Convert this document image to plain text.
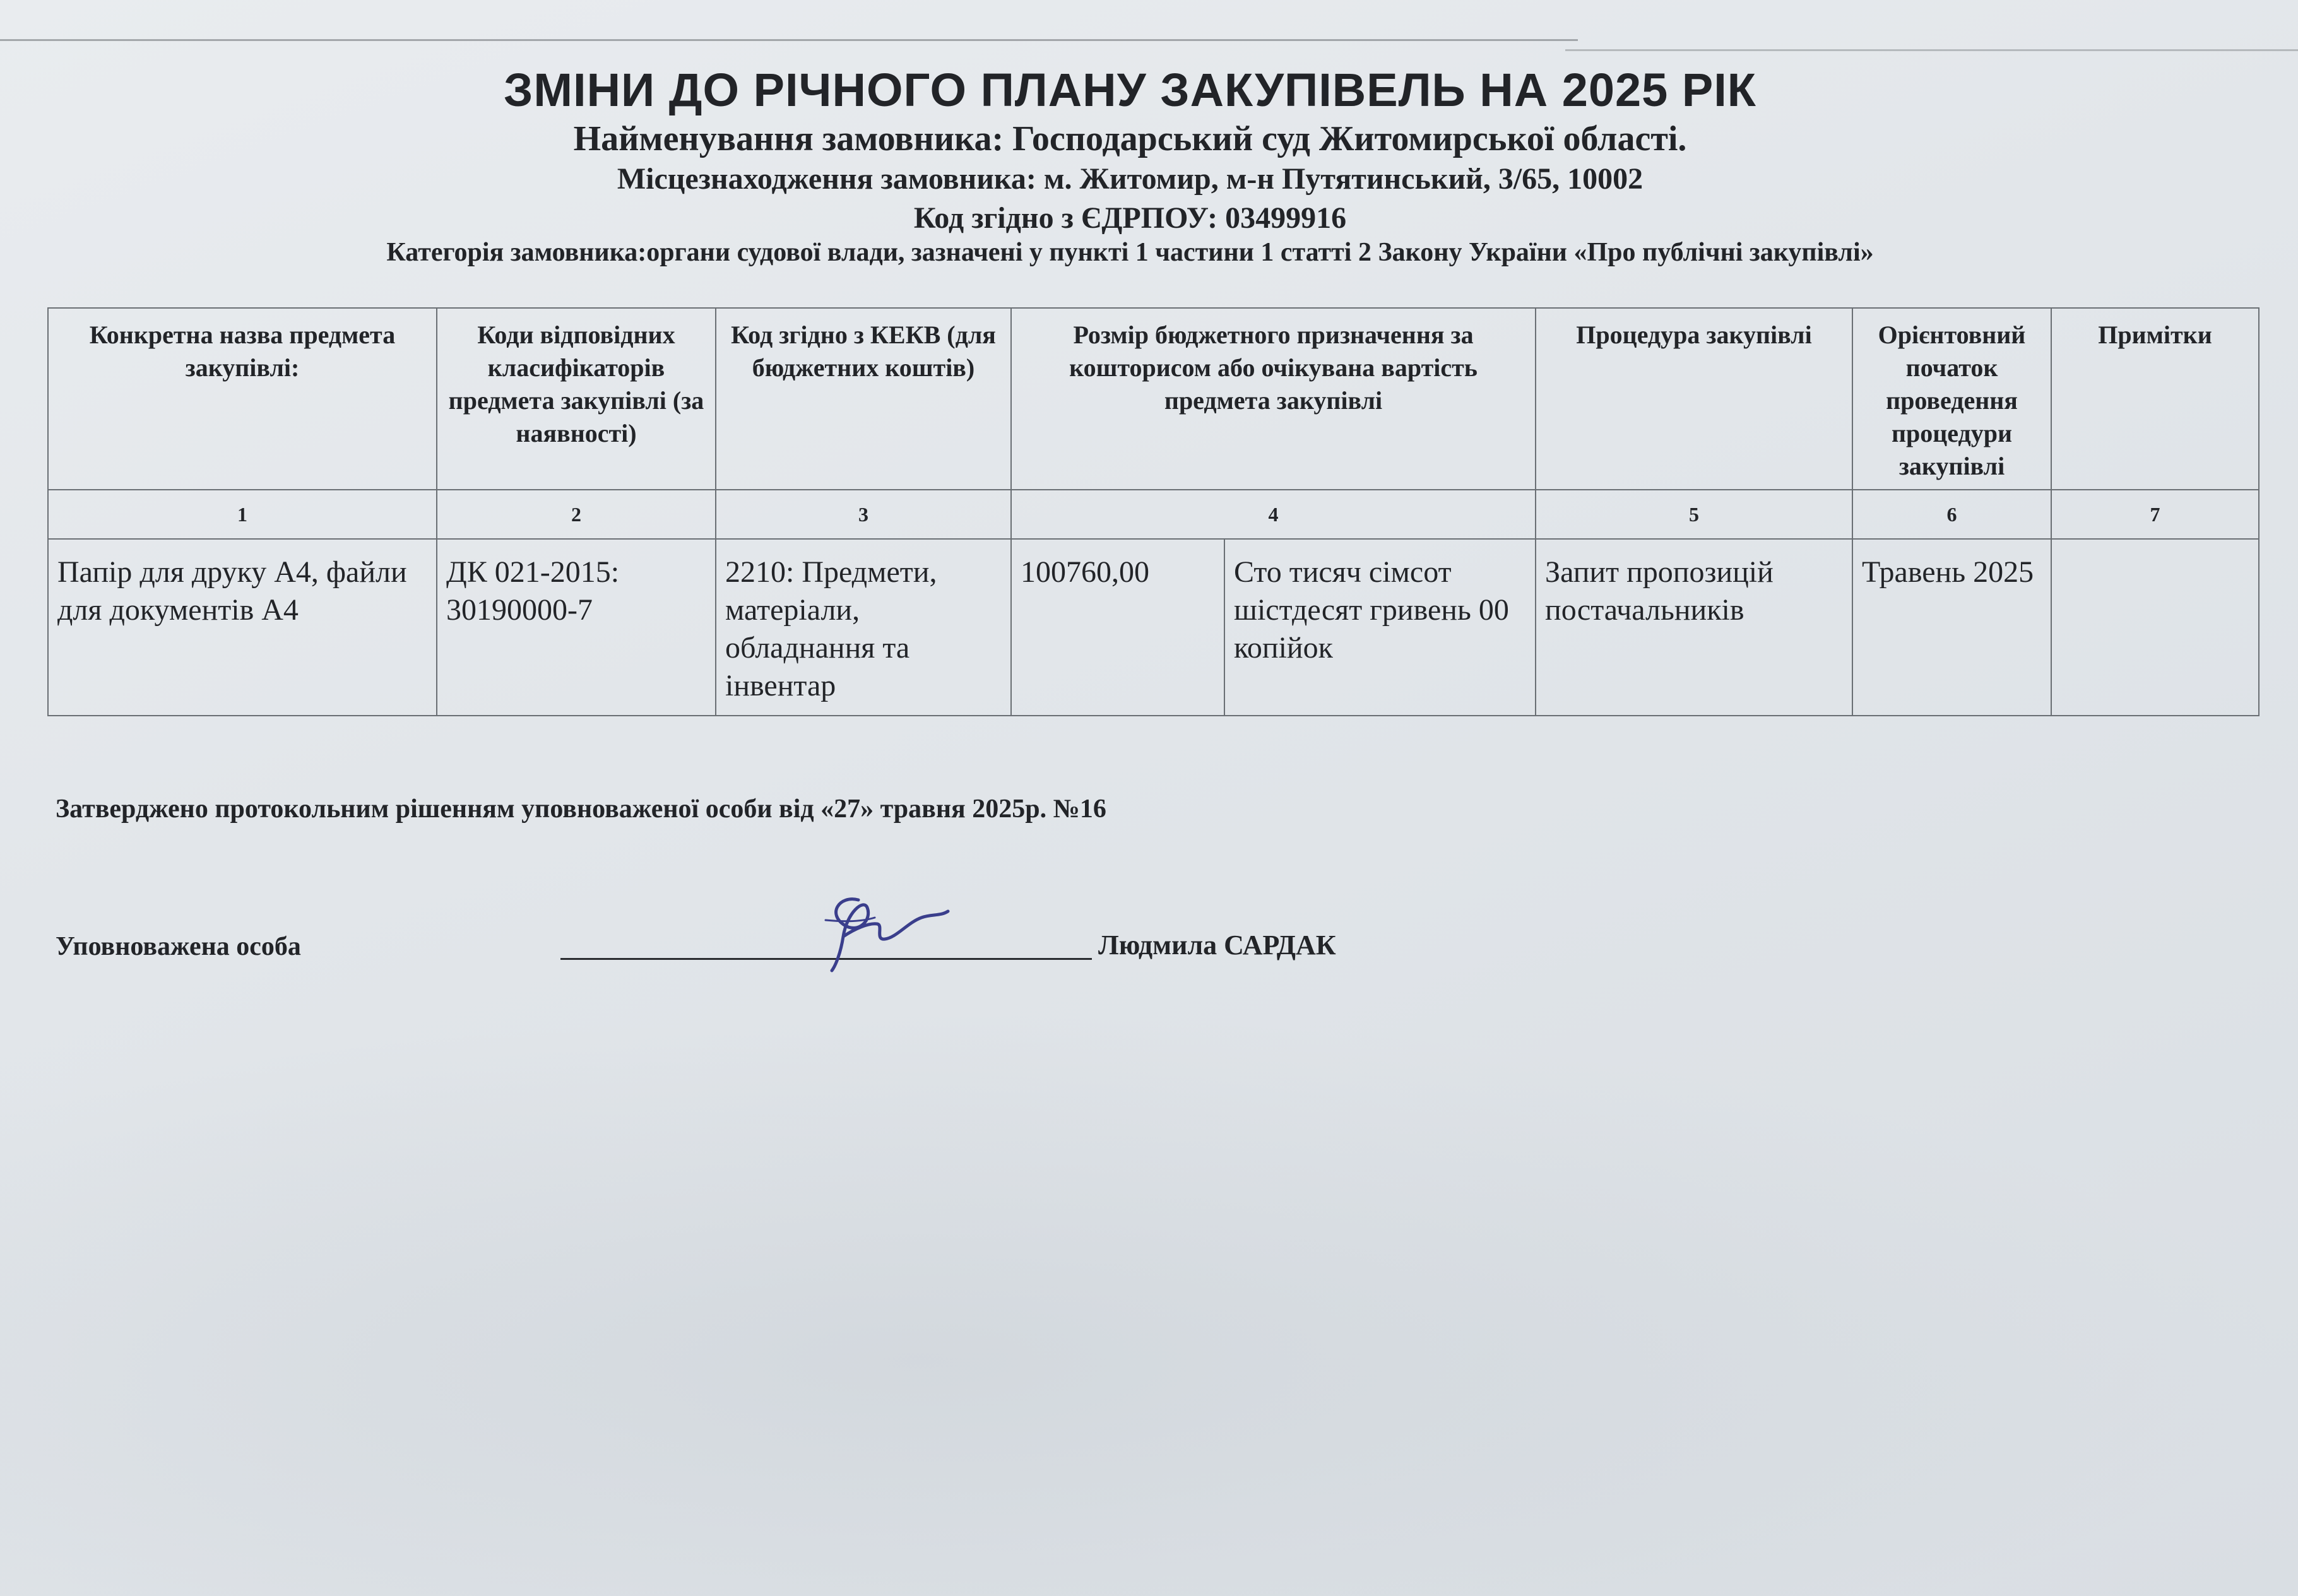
ЗМІНИ ДО РІЧНОГО ПЛАНУ ЗАКУПІВЕЛЬ НА 2025 РІК
Найменування замовника: Господарський суд Житомирської області.
Місцезнаходження замовника: м. Житомир, м-н Путятинський, 3/65, 10002
Код згідно з ЄДРПОУ: 03499916
Категорія замовника:органи судової влади, зазначені у пункті 1 частини 1 статті 2 Закону України «Про публічні закупівлі»
Конкретна назва предмета закупівлі:	Коди відповідних класифікаторів предмета закупівлі (за наявності)	Код згідно з КЕКВ (для бюджетних коштів)	Розмір бюджетного призначення за кошторисом або очікувана вартість предмета закупівлі		Процедура закупівлі	Орієнтовний початок проведення процедури закупівлі	Примітки
1	2	3	4		5	6	7
Папір для друку А4, файли для документів А4	ДК 021-2015: 30190000-7	2210: Предмети, матеріали, обладнання та інвентар	100760,00	Сто тисяч сімсот шістдесят гривень 00 копійок	Запит пропозицій постачальників	Травень 2025	
Затверджено протокольним рішенням уповноваженої особи від «27» травня 2025р. №16
Уповноважена особа	Людмила САРДАК
